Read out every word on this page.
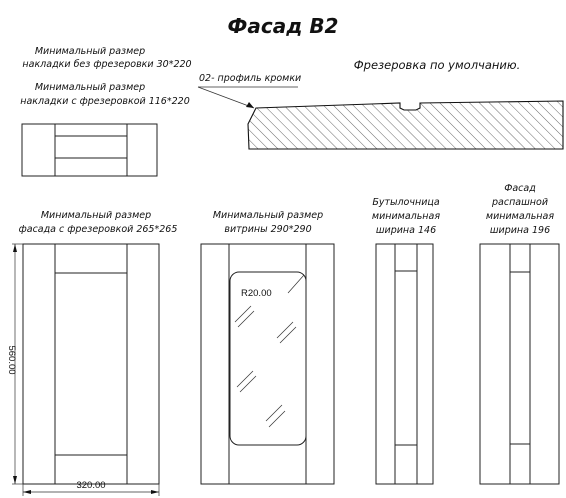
Фасад В2
Минимальный размер
накладки без фрезеровки 30*220
Минимальный размер
накладки с фрезеровкой 116*220
Фрезеровка по умолчанию.
02- профиль кромки
Минимальный размер
фасада с фрезеровкой 265*265
Минимальный размер
витрины 290*290
Бутылочница
минимальная
ширина 146
Фасад
распашной
минимальная
ширина 196
560.00
320.00
R20.00
